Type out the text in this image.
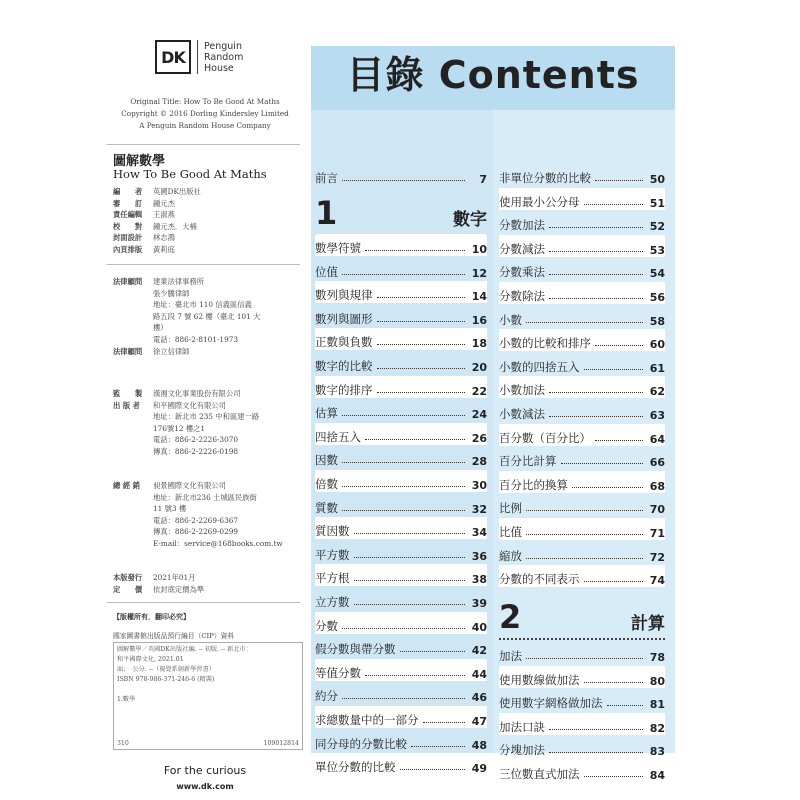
DK
Penguin
Random
House
Original Title: How To Be Good At Maths
Copyright © 2016 Dorling Kindersley Limited
A Penguin Random House Company
圖解數學
How To Be Good At Maths
編　　者	英國DK出版社
審　　訂	鍾元杰
責任編輯	王淑燕
校　　對	鍾元杰．大楠
封面設計	林志鴻
內頁排版	黃莉庭
法律顧問	建業法律事務所
張少騰律師
地址：臺北市 110 信義區信義
路五段 7 號 62 樓（臺北 101 大
樓）
電話：886-2-8101-1973
法律顧問	徐立信律師
監　　製	漢湘文化事業股份有限公司
出 版 者	和平國際文化有限公司
地址：新北市 235 中和區建一路
176號12 樓之1
電話：886-2-2226-3070
傳真：886-2-2226-0198
總 經 銷	昶景國際文化有限公司
地址：新北市236 土城區民族街
11 號3 樓
電話：886-2-2269-6367
傳真：886-2-2269-0299
E-mail：service@168books.com.tw
本版發行	2021年01月
定　　價	依封底定價為準
【版權所有．翻印必究】
國家圖書館出版品預行編目（CIP）資料
圖解數學／英國DK出版社編. -- 初版. -- 新北市：
和平國際文化, 2021.01
面；　公分. --（視覺系創新學習書）
ISBN 978-986-371-246-6 (精裝)
1.數學
310	109012814
For the curious
www.dk.com
目錄 Contents
前言	7
1	數字
數學符號	10
位值	12
數列與規律	14
數列與圖形	16
正數與負數	18
數字的比較	20
數字的排序	22
估算	24
四捨五入	26
因數	28
倍數	30
質數	32
質因數	34
平方數	36
平方根	38
立方數	39
分數	40
假分數與帶分數	42
等值分數	44
約分	46
求總數量中的一部分	47
同分母的分數比較	48
單位分數的比較	49
2	計算
非單位分數的比較	50
使用最小公分母	51
分數加法	52
分數減法	53
分數乘法	54
分數除法	56
小數	58
小數的比較和排序	60
小數的四捨五入	61
小數加法	62
小數減法	63
百分數（百分比）	64
百分比計算	66
百分比的換算	68
比例	70
比值	71
縮放	72
分數的不同表示	74
加法	78
使用數線做加法	80
使用數字網格做加法	81
加法口訣	82
分塊加法	83
三位數直式加法	84
